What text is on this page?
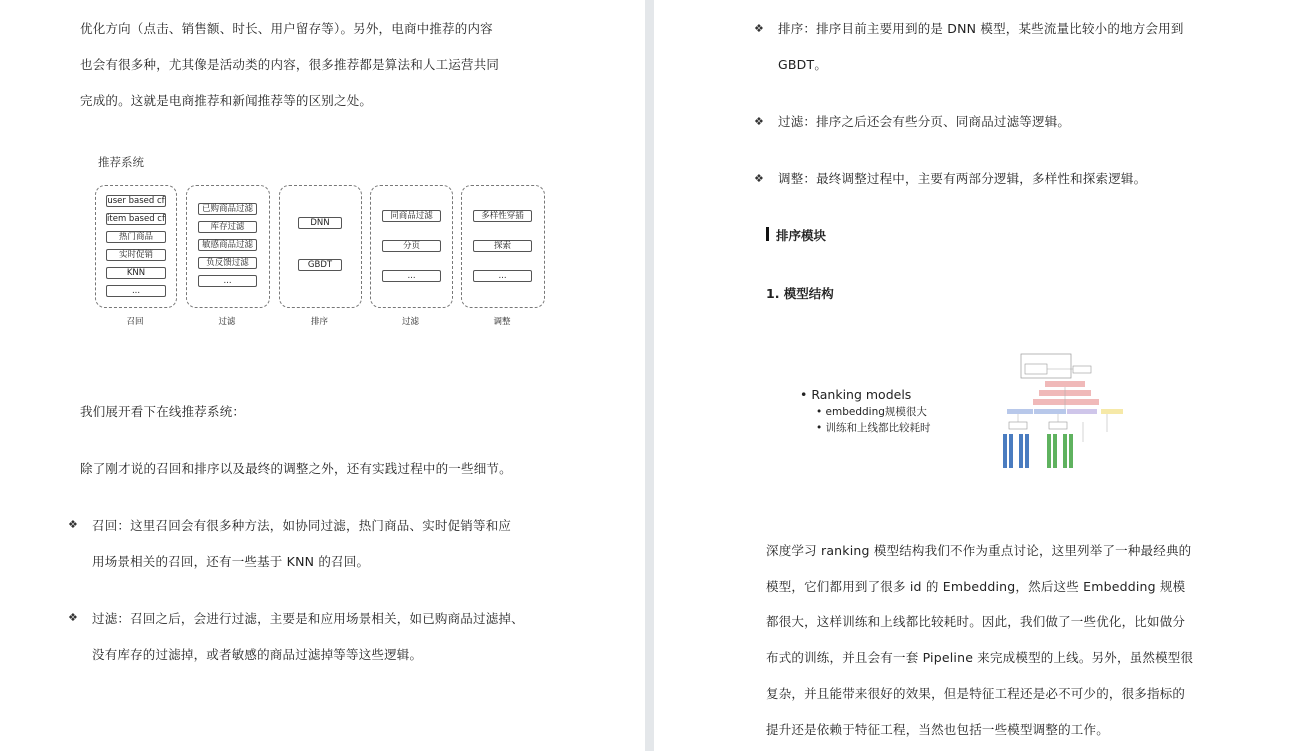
优化方向（点击、销售额、时长、用户留存等）。另外，电商中推荐的内容
也会有很多种，尤其像是活动类的内容，很多推荐都是算法和人工运营共同
完成的。这就是电商推荐和新闻推荐等的区别之处。
推荐系统
user based cf
item based cf
热门商品
实时促销
KNN
...
召回
已购商品过滤
库存过滤
敏感商品过滤
负反馈过滤
...
过滤
DNN
GBDT
排序
同商品过滤
分页
...
过滤
多样性穿插
探索
...
调整
我们展开看下在线推荐系统：
除了刚才说的召回和排序以及最终的调整之外，还有实践过程中的一些细节。
❖ 召回：这里召回会有很多种方法，如协同过滤，热门商品、实时促销等和应
用场景相关的召回，还有一些基于 KNN 的召回。
❖ 过滤：召回之后，会进行过滤，主要是和应用场景相关，如已购商品过滤掉、
没有库存的过滤掉，或者敏感的商品过滤掉等等这些逻辑。
❖ 排序：排序目前主要用到的是 DNN 模型，某些流量比较小的地方会用到
GBDT。
❖ 过滤：排序之后还会有些分页、同商品过滤等逻辑。
❖ 调整：最终调整过程中，主要有两部分逻辑，多样性和探索逻辑。
排序模块
1. 模型结构
• Ranking models
• embedding规模很大
• 训练和上线都比较耗时
深度学习 ranking 模型结构我们不作为重点讨论，这里列举了一种最经典的
模型，它们都用到了很多 id 的 Embedding，然后这些 Embedding 规模
都很大，这样训练和上线都比较耗时。因此，我们做了一些优化，比如做分
布式的训练，并且会有一套 Pipeline 来完成模型的上线。另外，虽然模型很
复杂，并且能带来很好的效果，但是特征工程还是必不可少的，很多指标的
提升还是依赖于特征工程，当然也包括一些模型调整的工作。
